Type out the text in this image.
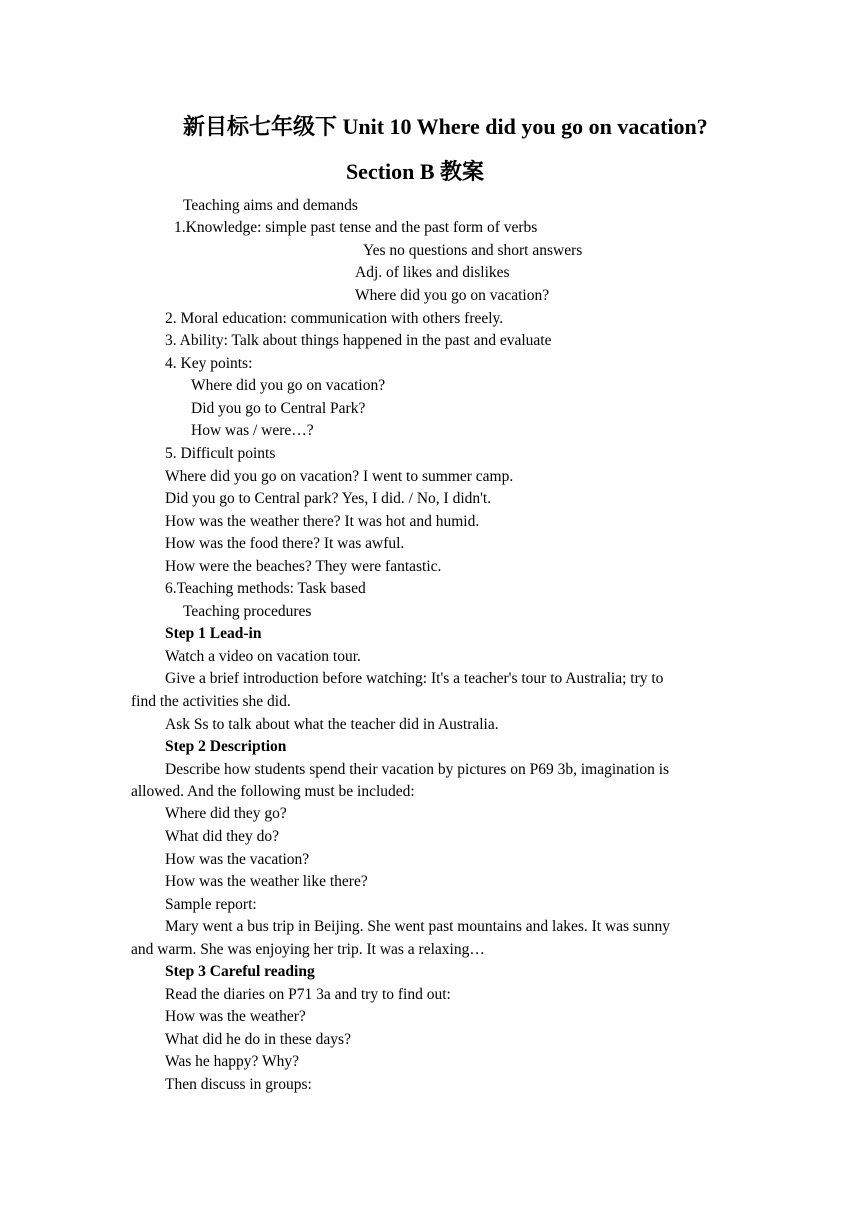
新目标七年级下 Unit 10 Where did you go on vacation?
Section B 教案
Teaching aims and demands
1.Knowledge: simple past tense and the past form of verbs
Yes no questions and short answers
Adj. of likes and dislikes
Where did you go on vacation?
2. Moral education: communication with others freely.
3. Ability: Talk about things happened in the past and evaluate
4. Key points:
Where did you go on vacation?
Did you go to Central Park?
How was / were…?
5. Difficult points
Where did you go on vacation? I went to summer camp.
Did you go to Central park? Yes, I did. / No, I didn't.
How was the weather there? It was hot and humid.
How was the food there? It was awful.
How were the beaches? They were fantastic.
6.Teaching methods: Task based
Teaching procedures
Step 1 Lead-in
Watch a video on vacation tour.
Give a brief introduction before watching: It's a teacher's tour to Australia; try to
find the activities she did.
Ask Ss to talk about what the teacher did in Australia.
Step 2 Description
Describe how students spend their vacation by pictures on P69 3b, imagination is
allowed. And the following must be included:
Where did they go?
What did they do?
How was the vacation?
How was the weather like there?
Sample report:
Mary went a bus trip in Beijing. She went past mountains and lakes. It was sunny
and warm. She was enjoying her trip. It was a relaxing…
Step 3 Careful reading
Read the diaries on P71 3a and try to find out:
How was the weather?
What did he do in these days?
Was he happy? Why?
Then discuss in groups:
